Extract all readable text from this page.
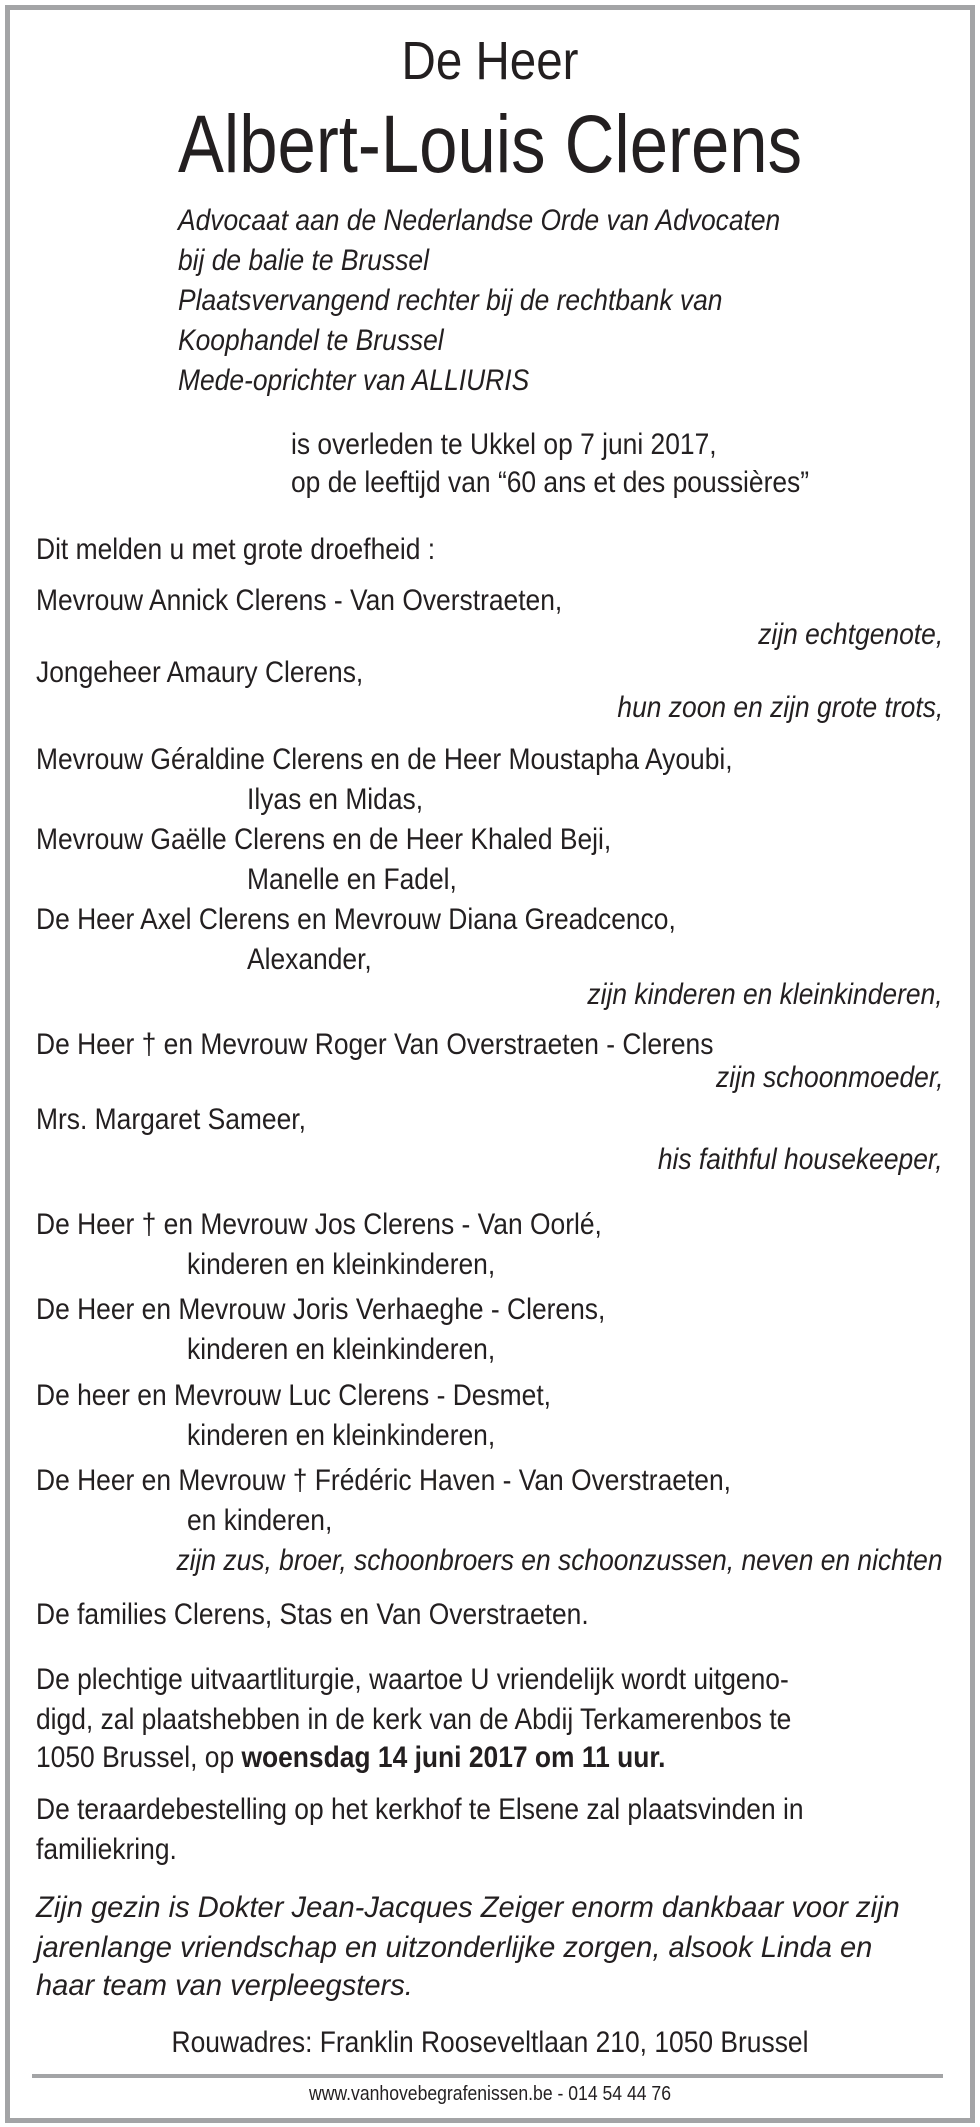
De Heer
Albert-Louis Clerens
Advocaat aan de Nederlandse Orde van Advocaten
bij de balie te Brussel
Plaatsvervangend rechter bij de rechtbank van
Koophandel te Brussel
Mede-oprichter van ALLIURIS
is overleden te Ukkel op 7 juni 2017,
op de leeftijd van “60 ans et des poussières”
Dit melden u met grote droefheid :
Mevrouw Annick Clerens - Van Overstraeten,
zijn echtgenote,
Jongeheer Amaury Clerens,
hun zoon en zijn grote trots,
Mevrouw Géraldine Clerens en de Heer Moustapha Ayoubi,
Ilyas en Midas,
Mevrouw Gaëlle Clerens en de Heer Khaled Beji,
Manelle en Fadel,
De Heer Axel Clerens en Mevrouw Diana Greadcenco,
Alexander,
zijn kinderen en kleinkinderen,
De Heer † en Mevrouw Roger Van Overstraeten - Clerens
zijn schoonmoeder,
Mrs. Margaret Sameer,
his faithful housekeeper,
De Heer † en Mevrouw Jos Clerens - Van Oorlé,
kinderen en kleinkinderen,
De Heer en Mevrouw Joris Verhaeghe - Clerens,
kinderen en kleinkinderen,
De heer en Mevrouw Luc Clerens - Desmet,
kinderen en kleinkinderen,
De Heer en Mevrouw † Frédéric Haven - Van Overstraeten,
en kinderen,
zijn zus, broer, schoonbroers en schoonzussen, neven en nichten
De families Clerens, Stas en Van Overstraeten.
De plechtige uitvaartliturgie, waartoe U vriendelijk wordt uitgeno-
digd, zal plaatshebben in de kerk van de Abdij Terkamerenbos te
1050 Brussel, op woensdag 14 juni 2017 om 11 uur.
De teraardebestelling op het kerkhof te Elsene zal plaatsvinden in
familiekring.
Zijn gezin is Dokter Jean-Jacques Zeiger enorm dankbaar voor zijn
jarenlange vriendschap en uitzonderlijke zorgen, alsook Linda en
haar team van verpleegsters.
Rouwadres: Franklin Rooseveltlaan 210, 1050 Brussel
www.vanhovebegrafenissen.be - 014 54 44 76
